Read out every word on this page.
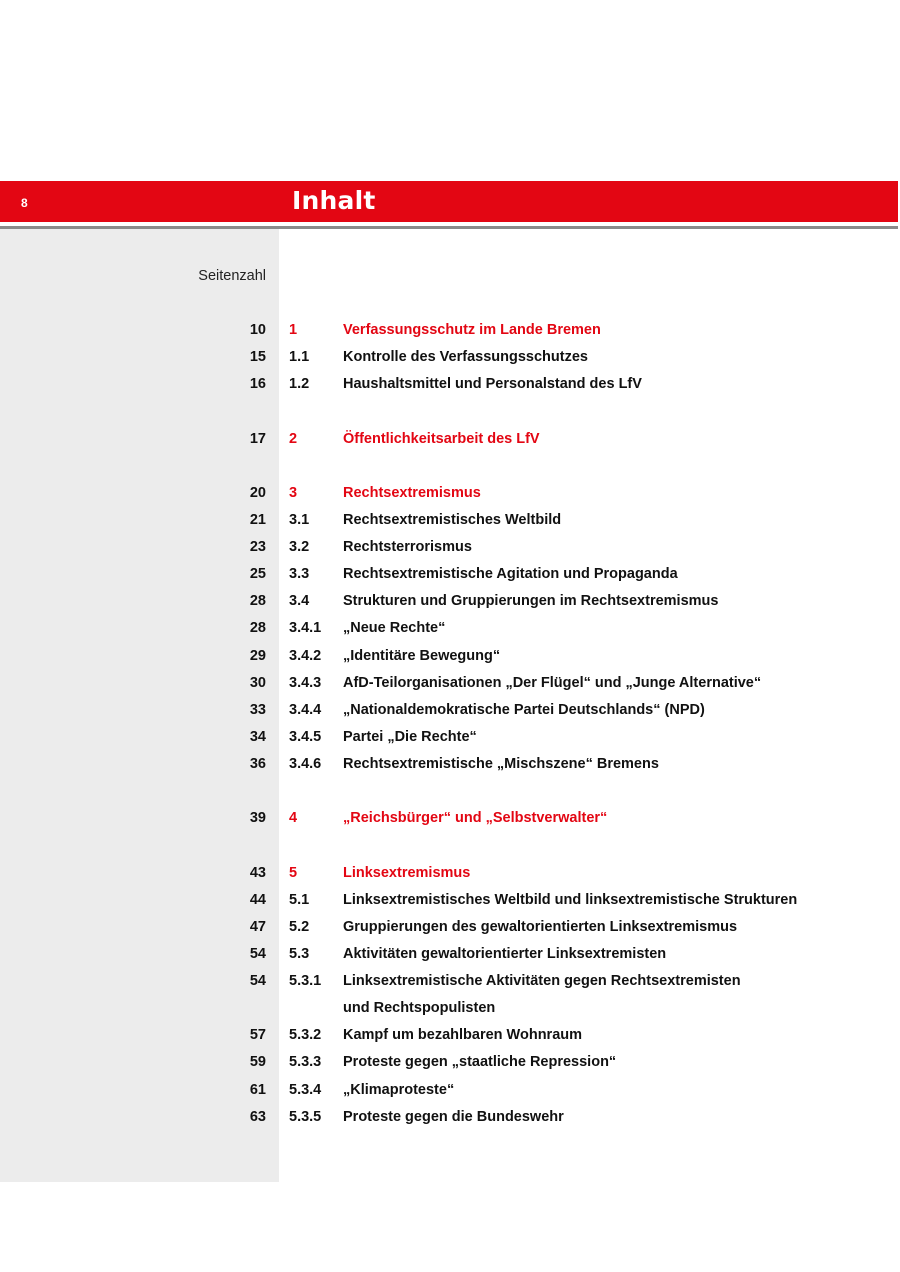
8	Inhalt
Seitenzahl
10 1	Verfassungsschutz im Lande Bremen
15 1.1 Kontrolle des Verfassungsschutzes
16 1.2 Haushaltsmittel und Personalstand des LfV
17 2	Öffentlichkeitsarbeit des LfV
20 3	Rechtsextremismus
21 3.1 Rechtsextremistisches Weltbild
23 3.2 Rechtsterrorismus
25 3.3 Rechtsextremistische Agitation und Propaganda
28 3.4 Strukturen und Gruppierungen im Rechtsextremismus
28 3.4.1 „Neue Rechte“
29 3.4.2 „Identitäre Bewegung“
30 3.4.3 AfD-Teilorganisationen „Der Flügel“ und „Junge Alternative“
33 3.4.4 „Nationaldemokratische Partei Deutschlands“ (NPD)
34 3.4.5 Partei „Die Rechte“
36 3.4.6 Rechtsextremistische „Mischszene“ Bremens
39 4	„Reichsbürger“ und „Selbstverwalter“
43 5	Linksextremismus
44 5.1 Linksextremistisches Weltbild und linksextremistische Strukturen
47 5.2 Gruppierungen des gewaltorientierten Linksextremismus
54 5.3 Aktivitäten gewaltorientierter Linksextremisten
54 5.3.1 Linksextremistische Aktivitäten gegen Rechtsextremisten
und Rechtspopulisten
57 5.3.2 Kampf um bezahlbaren Wohnraum
59 5.3.3 Proteste gegen „staatliche Repression“
61 5.3.4 „Klimaproteste“
63 5.3.5 Proteste gegen die Bundeswehr
